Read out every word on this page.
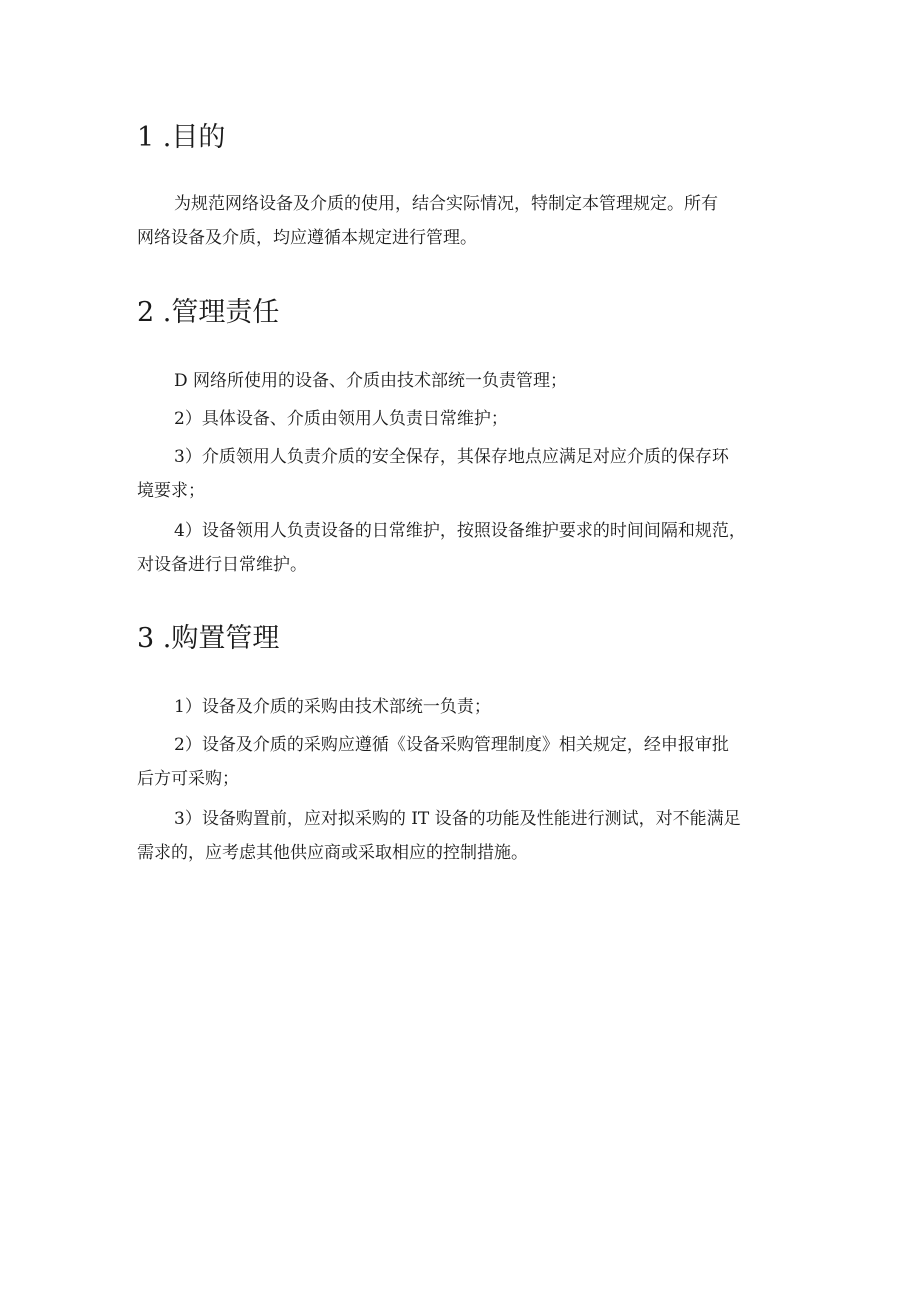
1 .目的
为规范网络设备及介质的使用，结合实际情况，特制定本管理规定。所有
网络设备及介质，均应遵循本规定进行管理。
2 .管理责任
D 网络所使用的设备、介质由技术部统一负责管理；
2）具体设备、介质由领用人负责日常维护；
3）介质领用人负责介质的安全保存，其保存地点应满足对应介质的保存环
境要求；
4）设备领用人负责设备的日常维护，按照设备维护要求的时间间隔和规范，
对设备进行日常维护。
3 .购置管理
1）设备及介质的采购由技术部统一负责；
2）设备及介质的采购应遵循《设备采购管理制度》相关规定，经申报审批
后方可采购；
3）设备购置前，应对拟采购的 IT 设备的功能及性能进行测试，对不能满足
需求的，应考虑其他供应商或采取相应的控制措施。
